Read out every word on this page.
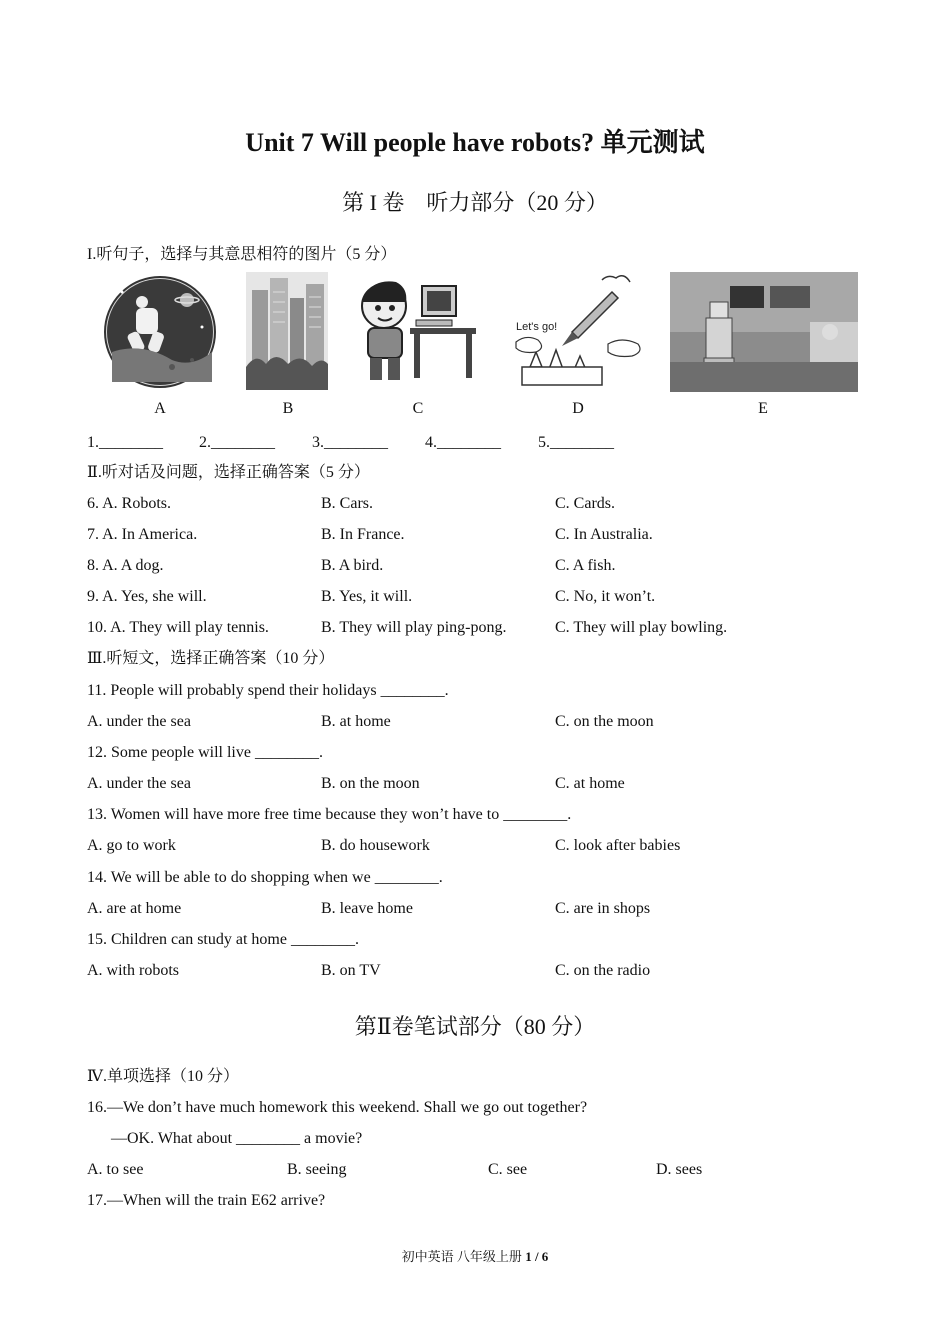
Unit 7 Will people have robots? 单元测试
第 I 卷　听力部分（20 分）
I.听句子，选择与其意思相符的图片（5 分）
Let's go!
A	B	C	D	E
1.________ 2.________ 3.________ 4.________ 5.________
Ⅱ.听对话及问题，选择正确答案（5 分）
6. A. Robots.	B. Cars.	C. Cards.
7. A. In America.	B. In France.	C. In Australia.
8. A. A dog.	B. A bird.	C. A fish.
9. A. Yes, she will.	B. Yes, it will.	C. No, it won’t.
10. A. They will play tennis.	B. They will play ping-pong.	C. They will play bowling.
Ⅲ.听短文，选择正确答案（10 分）
11. People will probably spend their holidays ________.
A. under the sea	B. at home	C. on the moon
12. Some people will live ________.
A. under the sea	B. on the moon	C. at home
13. Women will have more free time because they won’t have to ________.
A. go to work	B. do housework	C. look after babies
14. We will be able to do shopping when we ________.
A. are at home	B. leave home	C. are in shops
15. Children can study at home ________.
A. with robots	B. on TV	C. on the radio
第Ⅱ卷笔试部分（80 分）
Ⅳ.单项选择（10 分）
16.—We don’t have much homework this weekend. Shall we go out together?
—OK. What about ________ a movie?
A. to see	B. seeing	C. see	D. sees
17.—When will the train E62 arrive?
初中英语 八年级上册 1 / 6
